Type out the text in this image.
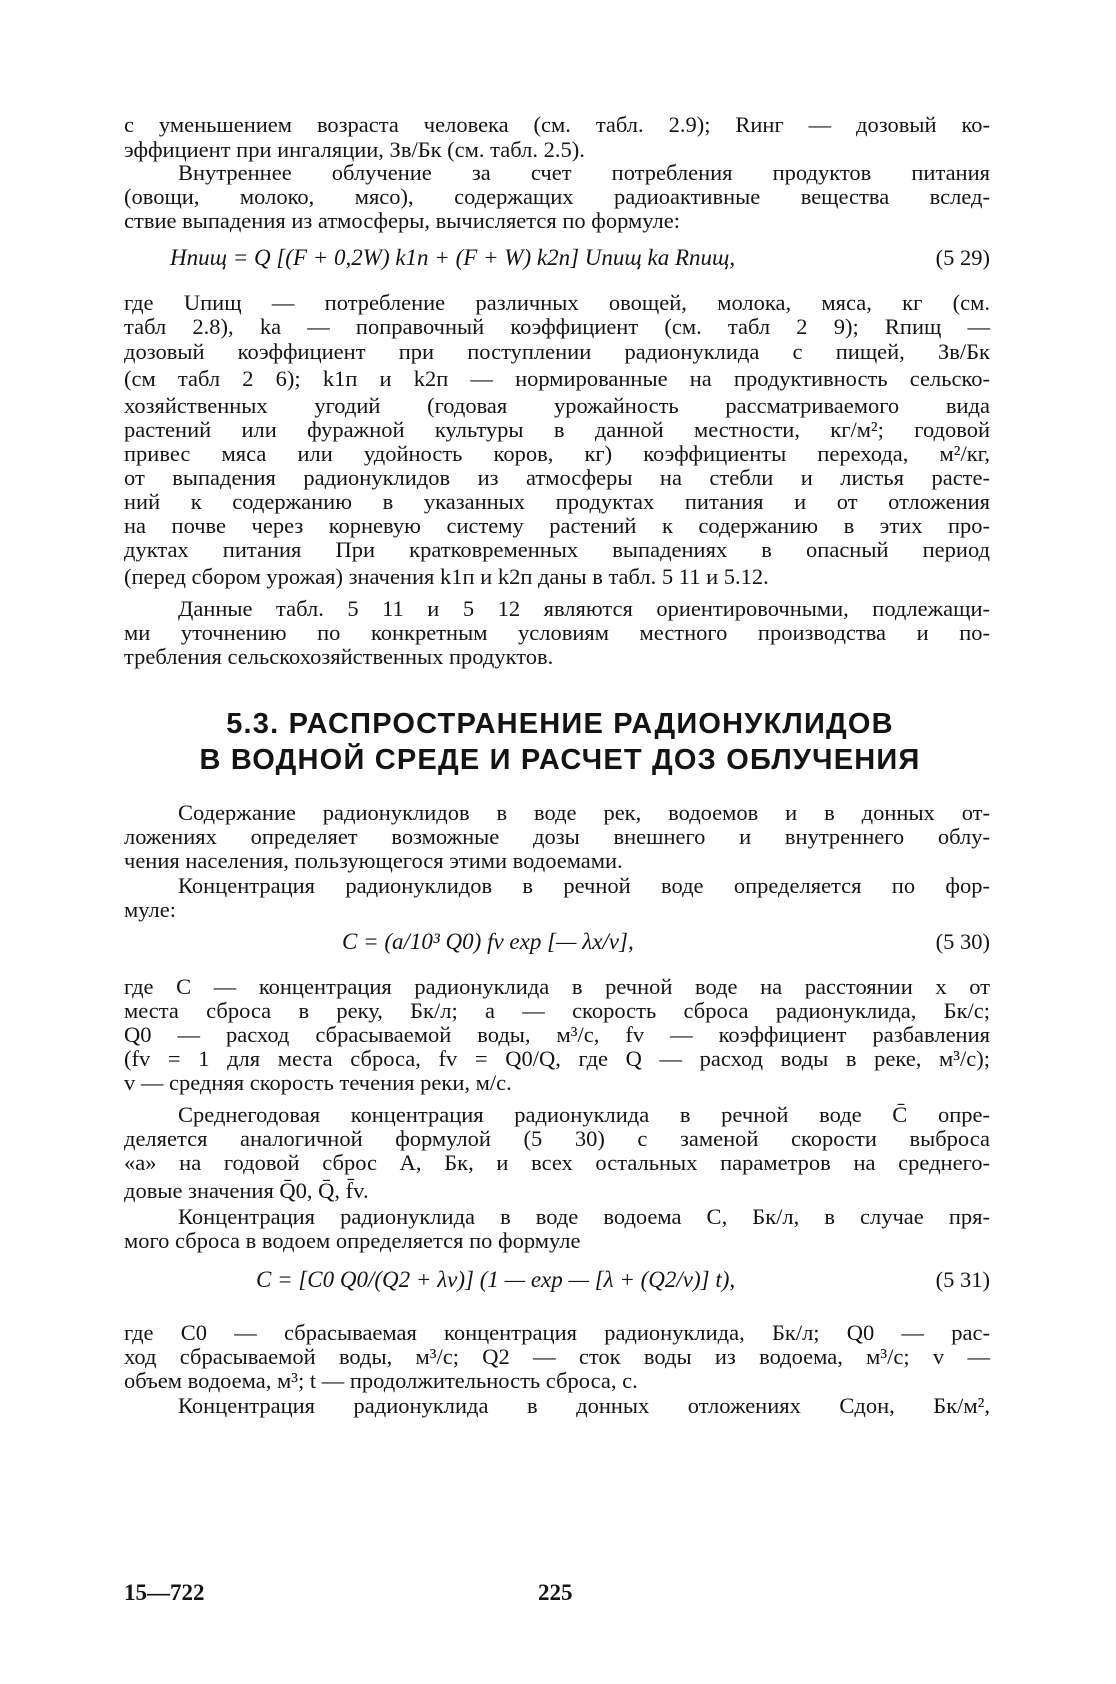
с уменьшением возраста человека (см. табл. 2.9); Rинг — дозовый ко-
эффициент при ингаляции, Зв/Бк (см. табл. 2.5).
Внутреннее облучение за счет потребления продуктов питания
(овощи, молоко, мясо), содержащих радиоактивные вещества вслед-
ствие выпадения из атмосферы, вычисляется по формуле:
Hпищ = Q [(F + 0,2W) k1п + (F + W) k2п] Uпищ ka Rпищ,	(5 29)
где Uпищ — потребление различных овощей, молока, мяса, кг (см.
табл 2.8), ka — поправочный коэффициент (см. табл 2 9); Rпищ —
дозовый коэффициент при поступлении радионуклида с пищей, Зв/Бк
(см табл 2 6); k1п и k2п — нормированные на продуктивность сельско-
хозяйственных угодий (годовая урожайность рассматриваемого вида
растений или фуражной культуры в данной местности, кг/м²; годовой
привес мяса или удойность коров, кг) коэффициенты перехода, м²/кг,
от выпадения радионуклидов из атмосферы на стебли и листья расте-
ний к содержанию в указанных продуктах питания и от отложения
на почве через корневую систему растений к содержанию в этих про-
дуктах питания При кратковременных выпадениях в опасный период
(перед сбором урожая) значения k1п и k2п даны в табл. 5 11 и 5.12.
Данные табл. 5 11 и 5 12 являются ориентировочными, подлежащи-
ми уточнению по конкретным условиям местного производства и по-
требления сельскохозяйственных продуктов.
5.3. РАСПРОСТРАНЕНИЕ РАДИОНУКЛИДОВ
В ВОДНОЙ СРЕДЕ И РАСЧЕТ ДОЗ ОБЛУЧЕНИЯ
Содержание радионуклидов в воде рек, водоемов и в донных от-
ложениях определяет возможные дозы внешнего и внутреннего облу-
чения населения, пользующегося этими водоемами.
Концентрация радионуклидов в речной воде определяется по фор-
муле:
C = (a/10³ Q0) fv exp [— λx/v],	(5 30)
где C — концентрация радионуклида в речной воде на расстоянии x от
места сброса в реку, Бк/л; a — скорость сброса радионуклида, Бк/с;
Q0 — расход сбрасываемой воды, м³/с, fv — коэффициент разбавления
(fv = 1 для места сброса, fv = Q0/Q, где Q — расход воды в реке, м³/с);
v — средняя скорость течения реки, м/с.
Среднегодовая концентрация радионуклида в речной воде C̄ опре-
деляется аналогичной формулой (5 30) с заменой скорости выброса
«a» на годовой сброс A, Бк, и всех остальных параметров на среднего-
довые значения Q̄0, Q̄, f̄v.
Концентрация радионуклида в воде водоема C, Бк/л, в случае пря-
мого сброса в водоем определяется по формуле
C = [C0 Q0/(Q2 + λv)] (1 — exp — [λ + (Q2/v)] t),	(5 31)
где C0 — сбрасываемая концентрация радионуклида, Бк/л; Q0 — рас-
ход сбрасываемой воды, м³/с; Q2 — сток воды из водоема, м³/с; v —
объем водоема, м³; t — продолжительность сброса, с.
Концентрация радионуклида в донных отложениях Cдон, Бк/м²,
15—722	225
